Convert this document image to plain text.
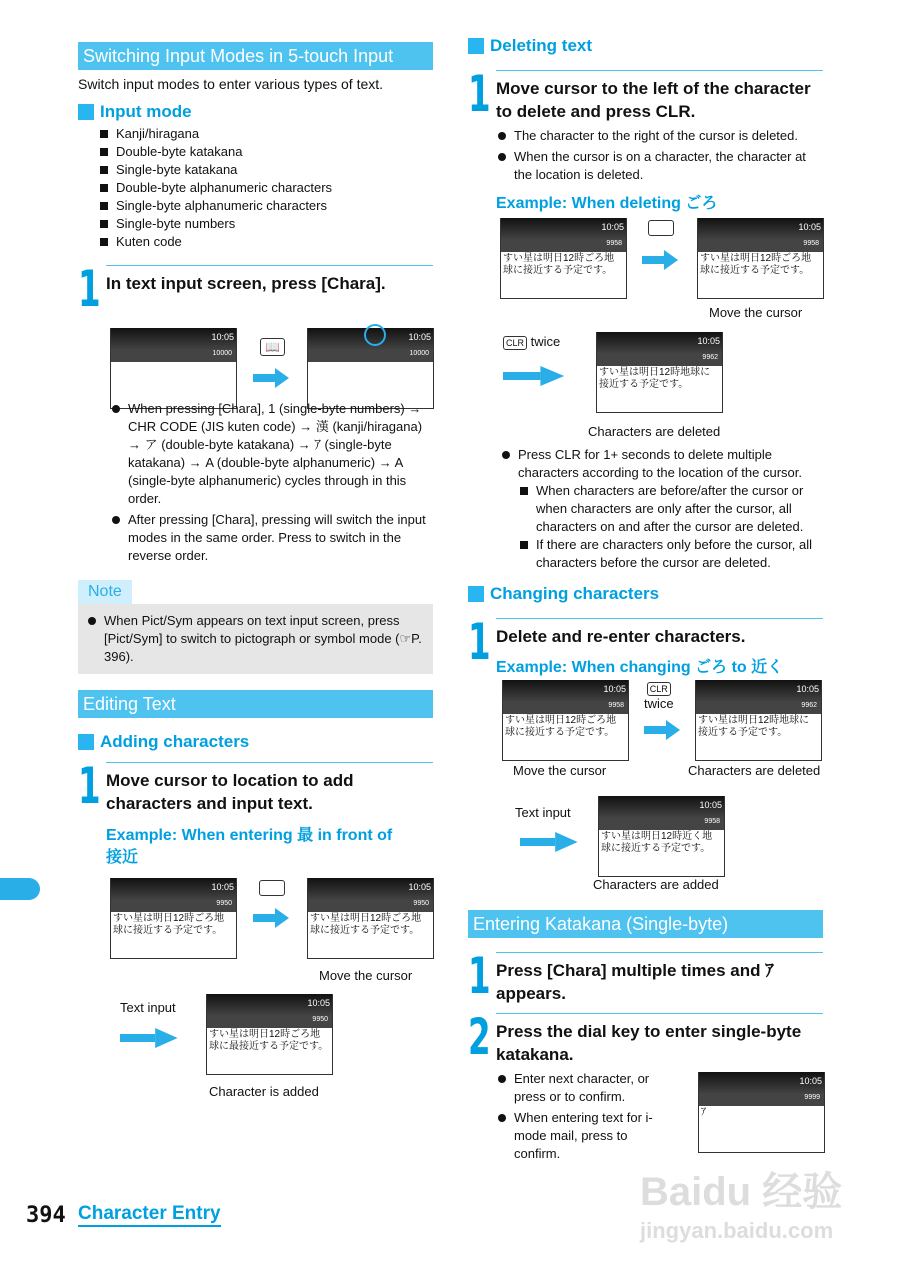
Switching Input Modes in 5-touch Input
Switch input modes to enter various types of text.
Input mode
Kanji/hiragana
Double-byte katakana
Single-byte katakana
Double-byte alphanumeric characters
Single-byte alphanumeric characters
Single-byte numbers
Kuten code
1 In text input screen, press [Chara].
10:05
10000	📖
10:05
10000
When pressing [Chara], 1 (single-byte numbers) → CHR CODE (JIS kuten code) → 漢 (kanji/hiragana) → ア (double-byte katakana) → ｱ (single-byte katakana) → A (double-byte alphanumeric) → A (single-byte alphanumeric) cycles through in this order.
After pressing [Chara], pressing will switch the input modes in the same order. Press to switch in the reverse order.
Note
When Pict/Sym appears on text input screen, press [Pict/Sym] to switch to pictograph or symbol mode (☞P. 396).
Editing Text
Adding characters
1 Move cursor to location to add characters and input text.
Example: When entering 最 in front of 接近
10:05
9950
すい星は明日12時ごろ地球に接近する予定です。
10:05
9950
すい星は明日12時ごろ地球に接近する予定です。
Move the cursor
Text input	10:05
9950
すい星は明日12時ごろ地球に最接近する予定です。
Character is added
Deleting text
1 Move cursor to the left of the character to delete and press CLR.
The character to the right of the cursor is deleted.
When the cursor is on a character, the character at the location is deleted.
Example: When deleting ごろ
10:05
9958
すい星は明日12時ごろ地球に接近する予定です。
10:05
9958
すい星は明日12時ごろ地球に接近する予定です。
Move the cursor
CLR twice	10:05
9962
すい星は明日12時地球に接近する予定です。
Characters are deleted
Press CLR for 1+ seconds to delete multiple characters according to the location of the cursor.
When characters are before/after the cursor or when characters are only after the cursor, all characters on and after the cursor are deleted.
If there are characters only before the cursor, all characters before the cursor are deleted.
Changing characters
1 Delete and re-enter characters.
Example: When changing ごろ to 近く
10:05
9958
すい星は明日12時ごろ地球に接近する予定です。
CLR
twice
10:05
9962
すい星は明日12時地球に接近する予定です。
Move the cursor	Characters are deleted
Text input	10:05
9958
すい星は明日12時近く地球に接近する予定です。
Characters are added
Entering Katakana (Single-byte)
1 Press [Chara] multiple times and ｱ appears.
2 Press the dial key to enter single-byte katakana.
Enter next character, or press or to confirm.
When entering text for i-mode mail, press to confirm.
10:05
9999
ｱ
394 Character Entry	Baidu 经验
jingyan.baidu.com
